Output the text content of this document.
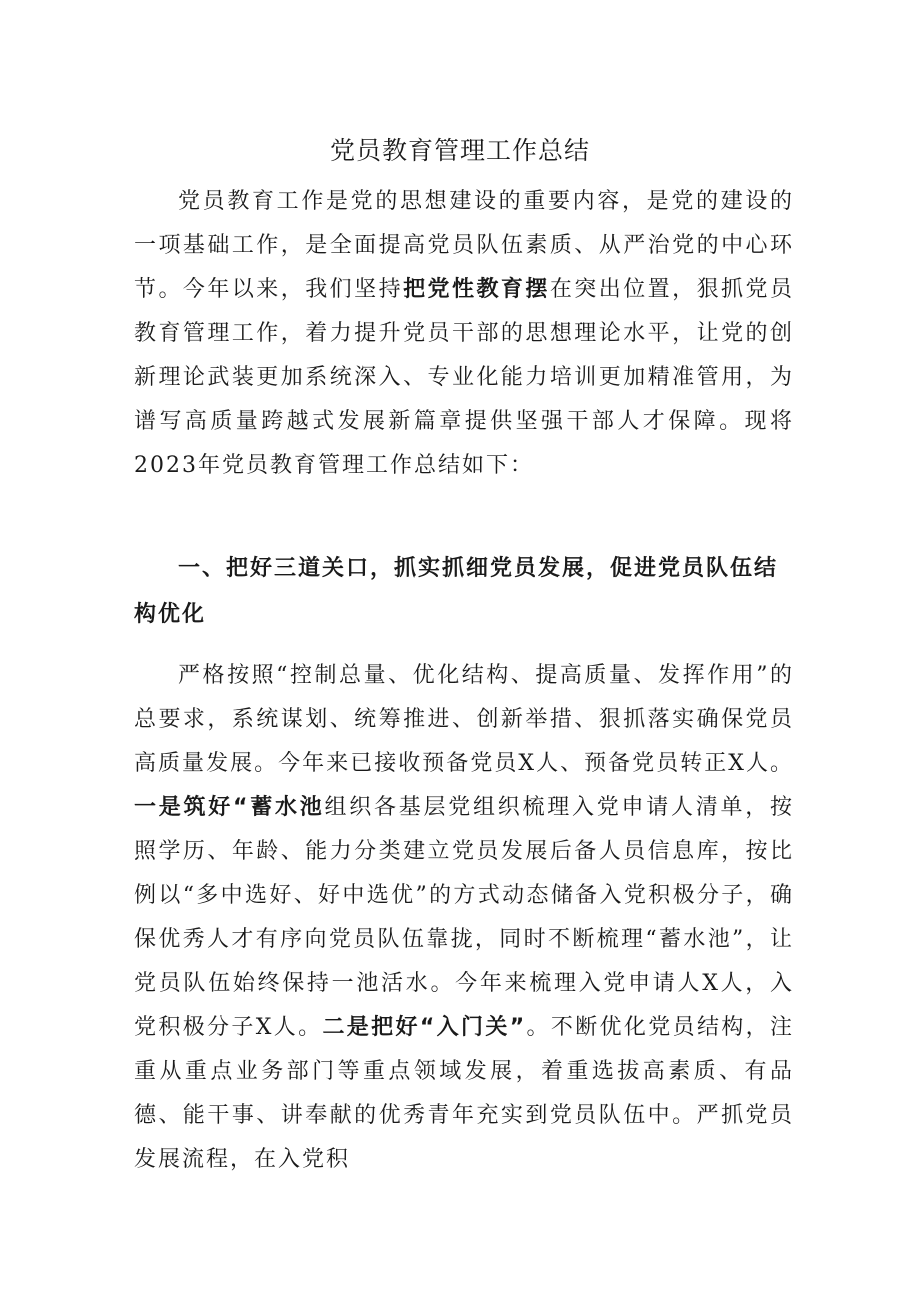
党员教育管理工作总结

党员教育工作是党的思想建设的重要内容，是党的建设的一项基础工作，是全面提高党员队伍素质、从严治党的中心环节。今年以来，我们坚持把党性教育摆在突出位置，狠抓党员教育管理工作，着力提升党员干部的思想理论水平，让党的创新理论武装更加系统深入、专业化能力培训更加精准管用，为谱写高质量跨越式发展新篇章提供坚强干部人才保障。现将2023年党员教育管理工作总结如下：

一、把好三道关口，抓实抓细党员发展，促进党员队伍结构优化

严格按照“控制总量、优化结构、提高质量、发挥作用”的总要求，系统谋划、统筹推进、创新举措、狠抓落实确保党员高质量发展。今年来已接收预备党员X人、预备党员转正X人。一是筑好“蓄水池组织各基层党组织梳理入党申请人清单，按照学历、年龄、能力分类建立党员发展后备人员信息库，按比例以“多中选好、好中选优”的方式动态储备入党积极分子，确保优秀人才有序向党员队伍靠拢，同时不断梳理“蓄水池”，让党员队伍始终保持一池活水。今年来梳理入党申请人X人，入党积极分子X人。二是把好“入门关”。不断优化党员结构，注重从重点业务部门等重点领域发展，着重选拔高素质、有品德、能干事、讲奉献的优秀青年充实到党员队伍中。严抓党员发展流程，在入党积
